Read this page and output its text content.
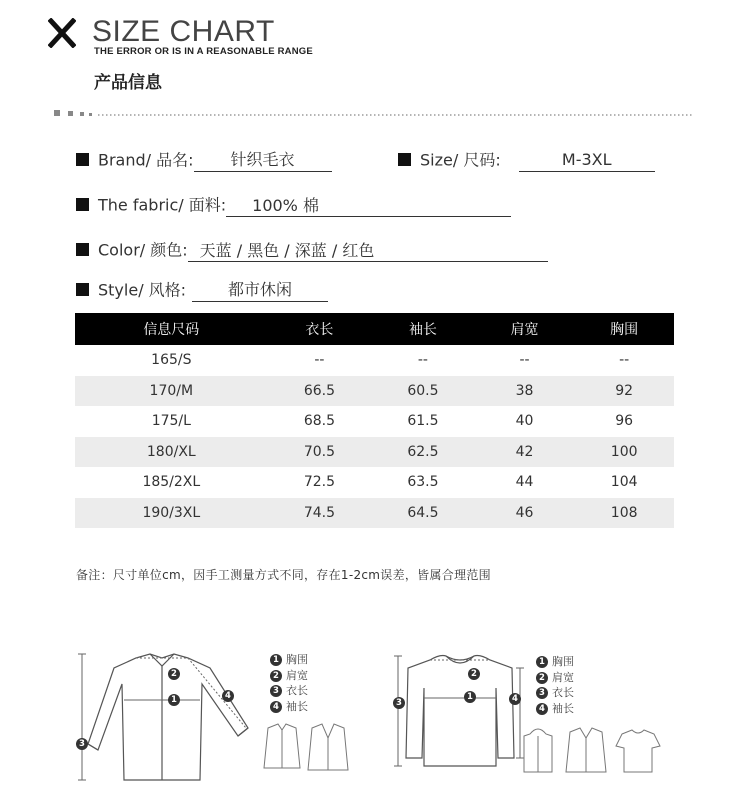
SIZE CHART
THE ERROR OR IS IN A REASONABLE RANGE
产品信息
Brand/ 品名: 针织毛衣	Size/ 尺码:	M-3XL
The fabric/ 面料: 100% 棉
Color/ 颜色: 天蓝 / 黑色 / 深蓝 / 红色
Style/ 风格:	都市休闲
信息尺码	衣长	袖长	肩宽	胸围
165/S	--	--	--	--
170/M	66.5	60.5	38	92
175/L	68.5	61.5	40	96
180/XL	70.5	62.5	42	100
185/2XL	72.5	63.5	44	104
190/3XL	74.5	64.5	46	108
备注：尺寸单位cm，因手工测量方式不同，存在1-2cm误差，皆属合理范围
1
2
3
4
1 胸围
2 肩宽
3 衣长
4 袖长
1
2
3	4
1 胸围
2 肩宽
3 衣长
4 袖长
